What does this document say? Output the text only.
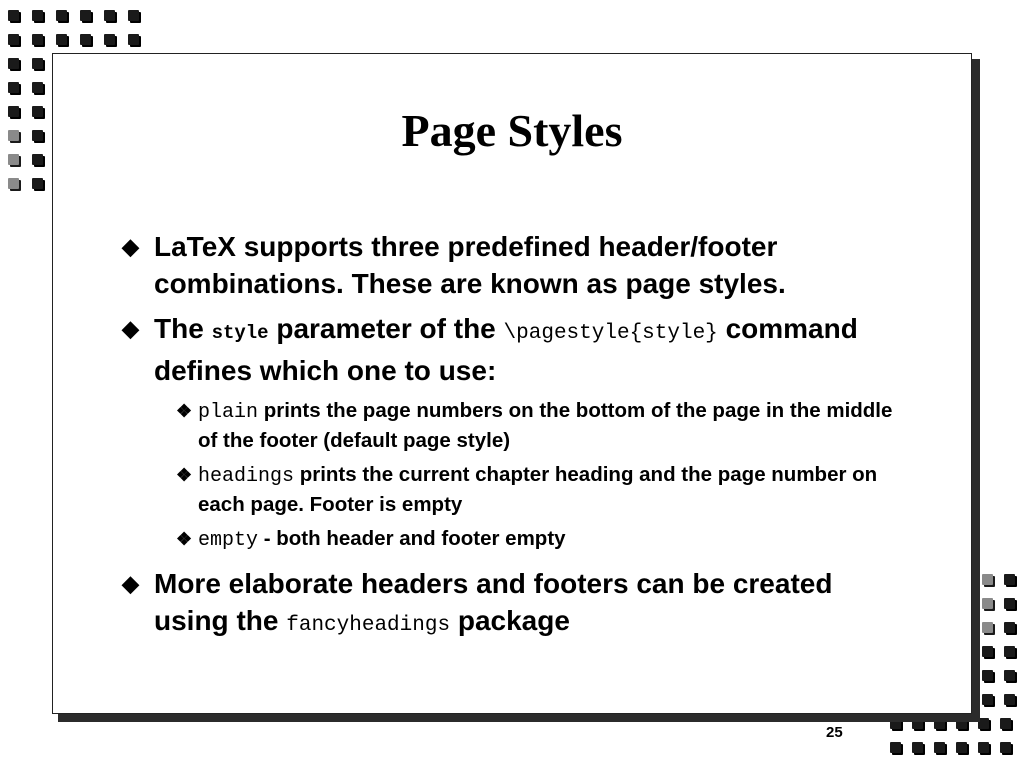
Page Styles
◆ LaTeX supports three predefined header/footer combinations. These are known as page styles.
◆ The style parameter of the \pagestyle{style} command defines which one to use:
❖ plain prints the page numbers on the bottom of the page in the middle of the footer (default page style)
❖ headings prints the current chapter heading and the page number on each page. Footer is empty
❖ empty - both header and footer empty
◆ More elaborate headers and footers can be created using the fancyheadings package
25
